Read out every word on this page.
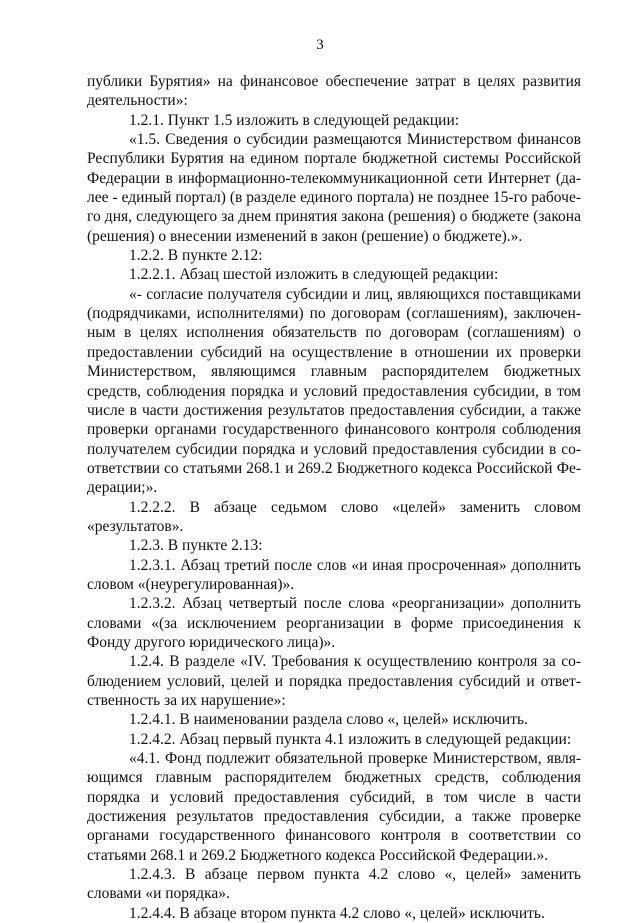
3

публики Бурятия» на финансовое обеспечение затрат в целях развития деятельности»:

1.2.1. Пункт 1.5 изложить в следующей редакции:

«1.5. Сведения о субсидии размещаются Министерством финансов Республики Бурятия на едином портале бюджетной системы Российской Федерации в информационно-телекоммуникационной сети Интернет (далее - единый портал) (в разделе единого портала) не позднее 15-го рабочего дня, следующего за днем принятия закона (решения) о бюджете (закона (решения) о внесении изменений в закон (решение) о бюджете).».

1.2.2. В пункте 2.12:

1.2.2.1. Абзац шестой изложить в следующей редакции:

«- согласие получателя субсидии и лиц, являющихся поставщиками (подрядчиками, исполнителями) по договорам (соглашениям), заключенным в целях исполнения обязательств по договорам (соглашениям) о предоставлении субсидий на осуществление в отношении их проверки Министерством, являющимся главным распорядителем бюджетных средств, соблюдения порядка и условий предоставления субсидии, в том числе в части достижения результатов предоставления субсидии, а также проверки органами государственного финансового контроля соблюдения получателем субсидии порядка и условий предоставления субсидии в соответствии со статьями 268.1 и 269.2 Бюджетного кодекса Российской Федерации;».

1.2.2.2. В абзаце седьмом слово «целей» заменить словом «результатов».

1.2.3. В пункте 2.13:

1.2.3.1. Абзац третий после слов «и иная просроченная» дополнить словом «(неурегулированная)».

1.2.3.2. Абзац четвертый после слова «реорганизации» дополнить словами «(за исключением реорганизации в форме присоединения к Фонду другого юридического лица)».

1.2.4. В разделе «IV. Требования к осуществлению контроля за соблюдением условий, целей и порядка предоставления субсидий и ответственность за их нарушение»:

1.2.4.1. В наименовании раздела слово «, целей» исключить.

1.2.4.2. Абзац первый пункта 4.1 изложить в следующей редакции:

«4.1. Фонд подлежит обязательной проверке Министерством, являющимся главным распорядителем бюджетных средств, соблюдения порядка и условий предоставления субсидий, в том числе в части достижения результатов предоставления субсидии, а также проверке органами государственного финансового контроля в соответствии со статьями 268.1 и 269.2 Бюджетного кодекса Российской Федерации.».

1.2.4.3. В абзаце первом пункта 4.2 слово «, целей» заменить словами «и порядка».

1.2.4.4. В абзаце втором пункта 4.2 слово «, целей» исключить.
